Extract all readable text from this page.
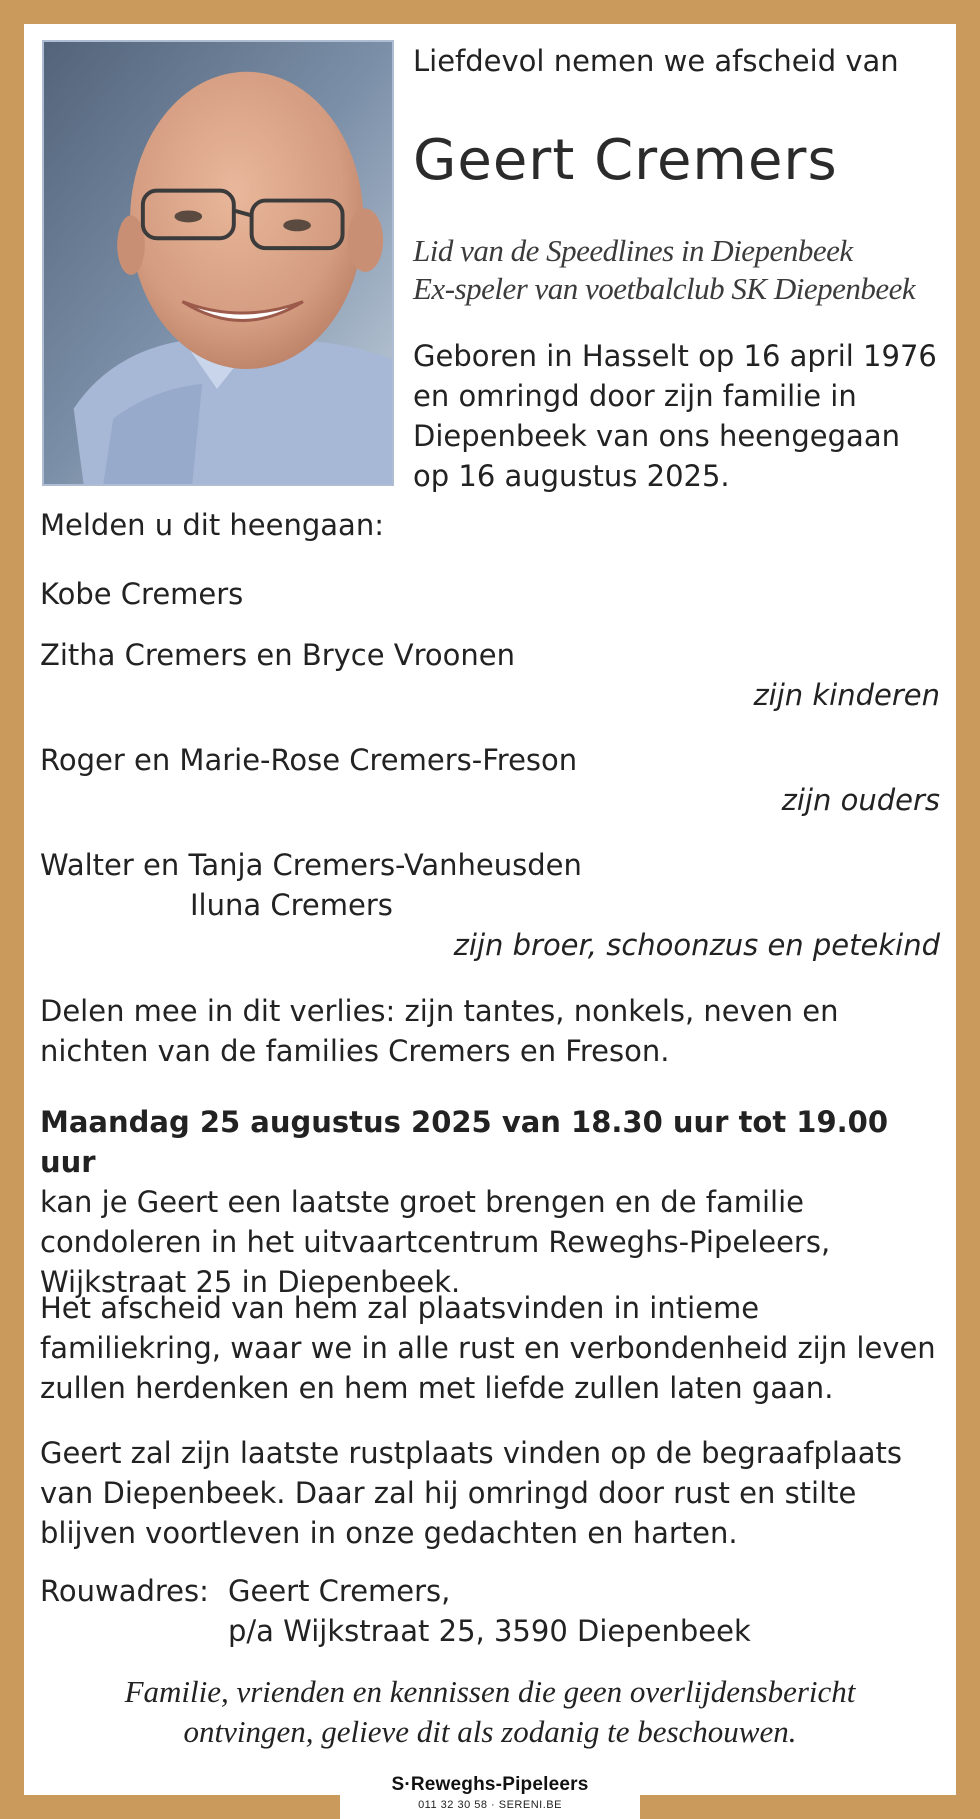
Liefdevol nemen we afscheid van
Geert Cremers
Lid van de Speedlines in Diepenbeek
Ex-speler van voetbalclub SK Diepenbeek
Geboren in Hasselt op 16 april 1976
en omringd door zijn familie in
Diepenbeek van ons heengegaan
op 16 augustus 2025.
Melden u dit heengaan:
Kobe Cremers
Zitha Cremers en Bryce Vroonen
zijn kinderen
Roger en Marie-Rose Cremers-Freson
zijn ouders
Walter en Tanja Cremers-Vanheusden
Iluna Cremers
zijn broer, schoonzus en petekind
Delen mee in dit verlies: zijn tantes, nonkels, neven en nichten van de families Cremers en Freson.
Maandag 25 augustus 2025 van 18.30 uur tot 19.00 uur
kan je Geert een laatste groet brengen en de familie condoleren in het uitvaartcentrum Reweghs-Pipeleers, Wijkstraat 25 in Diepenbeek.
Het afscheid van hem zal plaatsvinden in intieme familiekring, waar we in alle rust en verbondenheid zijn leven zullen herdenken en hem met liefde zullen laten gaan.
Geert zal zijn laatste rustplaats vinden op de begraafplaats van Diepenbeek. Daar zal hij omringd door rust en stilte blijven voortleven in onze gedachten en harten.
Rouwadres: Geert Cremers,
p/a Wijkstraat 25, 3590 Diepenbeek
Familie, vrienden en kennissen die geen overlijdensbericht
ontvingen, gelieve dit als zodanig te beschouwen.
S·Reweghs-Pipeleers
011 32 30 58 · SERENI.BE
